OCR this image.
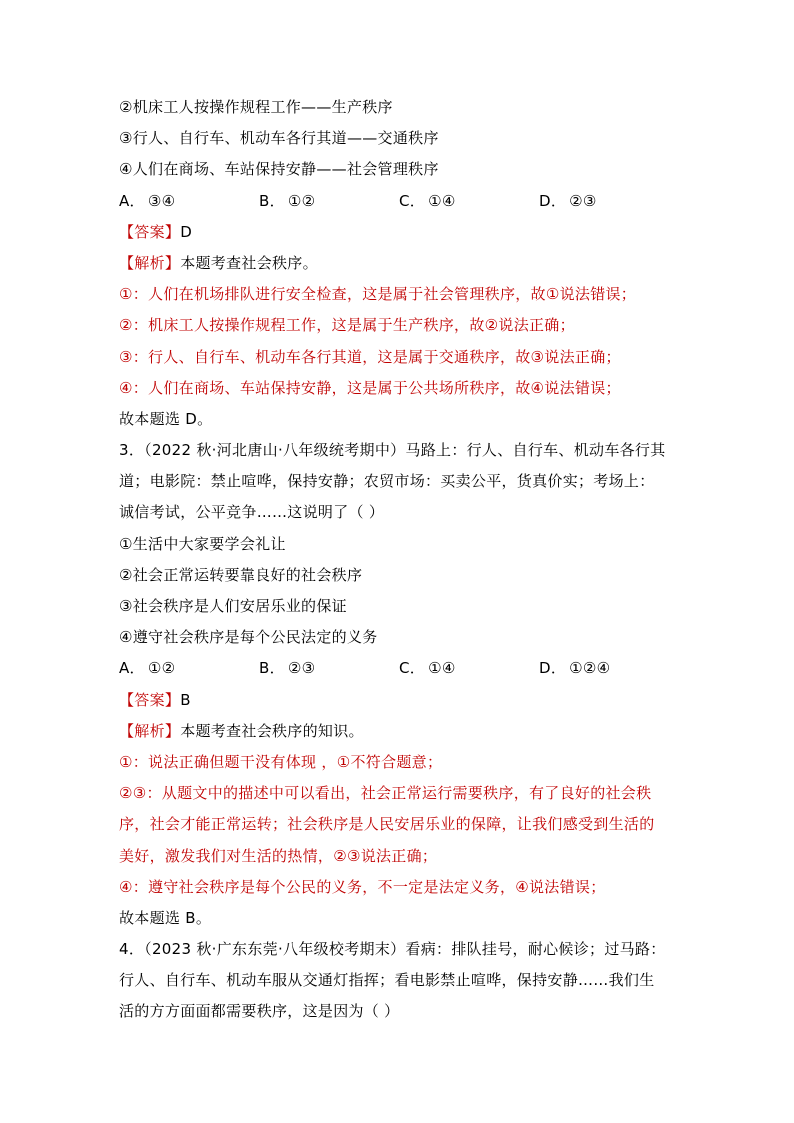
②机床工人按操作规程工作——生产秩序
③行人、自行车、机动车各行其道——交通秩序
④人们在商场、车站保持安静——社会管理秩序
A． ③④	B． ①②	C． ①④	D． ②③
【答案】D
【解析】本题考查社会秩序。
①：人们在机场排队进行安全检查，这是属于社会管理秩序，故①说法错误；
②：机床工人按操作规程工作，这是属于生产秩序，故②说法正确；
③：行人、自行车、机动车各行其道，这是属于交通秩序，故③说法正确；
④：人们在商场、车站保持安静，这是属于公共场所秩序，故④说法错误；
故本题选 D。
3．（2022 秋·河北唐山·八年级统考期中）马路上：行人、自行车、机动车各行其
道；电影院：禁止喧哗，保持安静；农贸市场：买卖公平，货真价实；考场上：
诚信考试，公平竞争……这说明了（ ）
①生活中大家要学会礼让
②社会正常运转要靠良好的社会秩序
③社会秩序是人们安居乐业的保证
④遵守社会秩序是每个公民法定的义务
A． ①②	B． ②③	C． ①④	D． ①②④
【答案】B
【解析】本题考查社会秩序的知识。
①：说法正确但题干没有体现 ，①不符合题意；
②③：从题文中的描述中可以看出，社会正常运行需要秩序，有了良好的社会秩
序，社会才能正常运转；社会秩序是人民安居乐业的保障，让我们感受到生活的
美好，激发我们对生活的热情，②③说法正确；
④：遵守社会秩序是每个公民的义务，不一定是法定义务，④说法错误；
故本题选 B。
4．（2023 秋·广东东莞·八年级校考期末）看病：排队挂号，耐心候诊；过马路：
行人、自行车、机动车服从交通灯指挥；看电影禁止喧哗，保持安静……我们生
活的方方面面都需要秩序，这是因为（ ）
